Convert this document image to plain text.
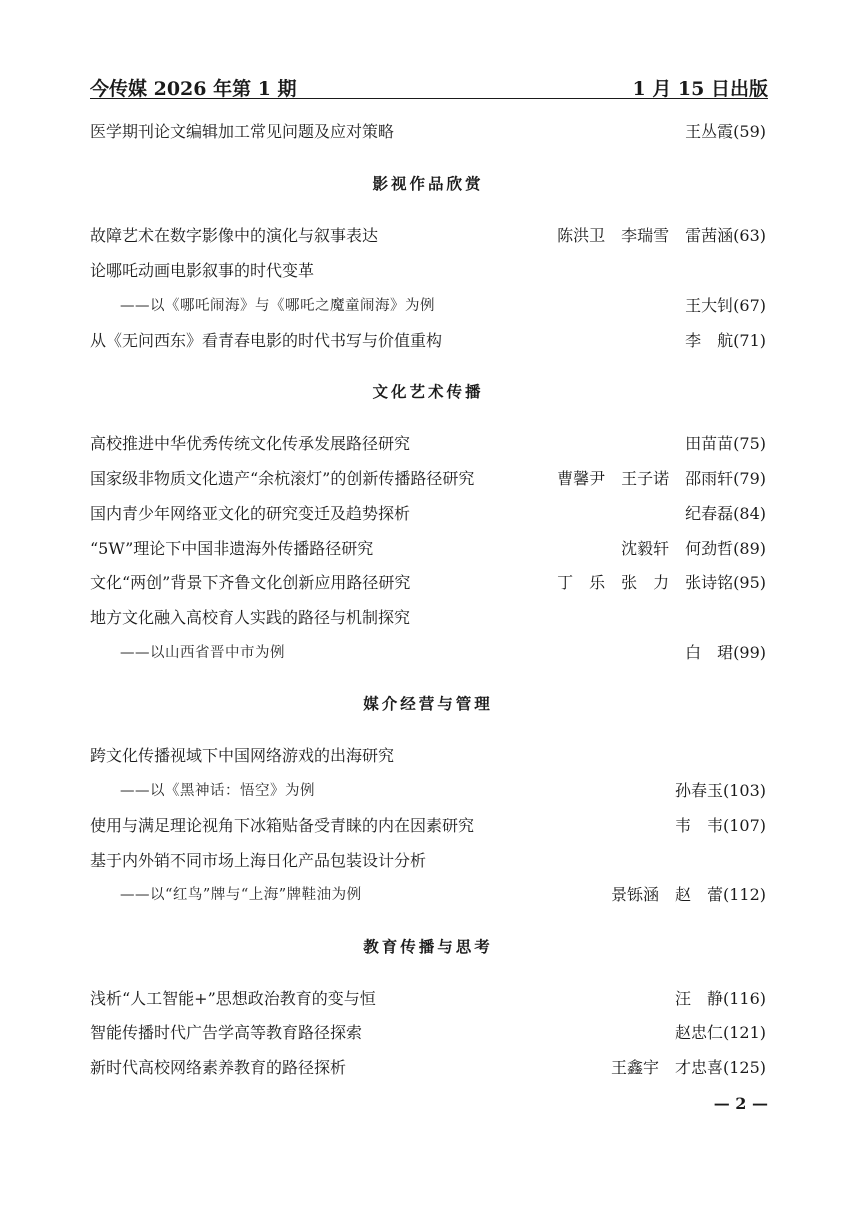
今传媒 2026 年第 1 期	1 月 15 日出版
医学期刊论文编辑加工常见问题及应对策略	王丛霞(59)
影视作品欣赏
故障艺术在数字影像中的演化与叙事表达	陈洪卫　李瑞雪　雷茜涵(63)
论哪吒动画电影叙事的时代变革
——以《哪吒闹海》与《哪吒之魔童闹海》为例	王大钊(67)
从《无问西东》看青春电影的时代书写与价值重构	李　航(71)
文化艺术传播
高校推进中华优秀传统文化传承发展路径研究	田苗苗(75)
国家级非物质文化遗产“余杭滚灯”的创新传播路径研究	曹馨尹　王子诺　邵雨轩(79)
国内青少年网络亚文化的研究变迁及趋势探析	纪春磊(84)
“5W”理论下中国非遗海外传播路径研究	沈毅轩　何劲哲(89)
文化“两创”背景下齐鲁文化创新应用路径研究	丁　乐　张　力　张诗铭(95)
地方文化融入高校育人实践的路径与机制探究
——以山西省晋中市为例	白　珺(99)
媒介经营与管理
跨文化传播视域下中国网络游戏的出海研究
——以《黑神话：悟空》为例	孙春玉(103)
使用与满足理论视角下冰箱贴备受青睐的内在因素研究	韦　韦(107)
基于内外销不同市场上海日化产品包装设计分析
——以“红鸟”牌与“上海”牌鞋油为例	景铄涵　赵　蕾(112)
教育传播与思考
浅析“人工智能+”思想政治教育的变与恒	汪　静(116)
智能传播时代广告学高等教育路径探索	赵忠仁(121)
新时代高校网络素养教育的路径探析	王鑫宇　才忠喜(125)
— 2 —
